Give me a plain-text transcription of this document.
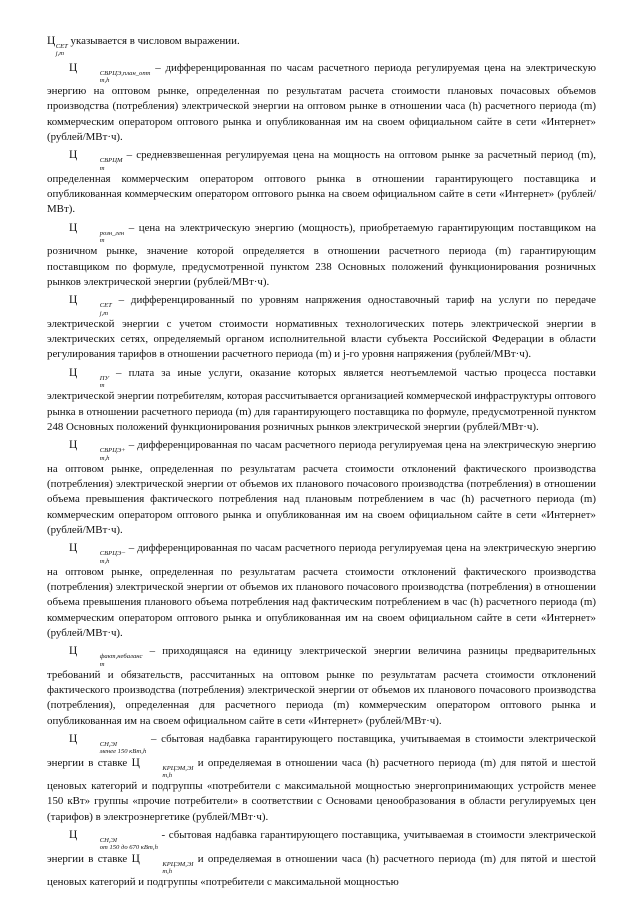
Ц СЕТ
j,m
указывается в числовом выражении.

Ц	СВРЦЭ,план_опт
m,h
– дифференцированная по часам расчетного периода регулируемая цена на электрическую энергию на оптовом рынке, определенная по результатам расчета стоимости плановых почасовых объемов производства (потребления) электрической энергии на оптовом рынке в отношении часа (h) расчетного периода (m) коммерческим оператором оптового рынка и опубликованная им на своем официальном сайте в сети «Интернет» (рублей/МВт·ч).

Ц	СВРЦМ
m
– средневзвешенная регулируемая цена на мощность на оптовом рынке за расчетный период (m), определенная коммерческим оператором оптового рынка в отношении гарантирующего поставщика и опубликованная коммерческим оператором оптового рынка на своем официальном сайте в сети «Интернет» (рублей/МВт).

Ц	розн_ген
m
– цена на электрическую энергию (мощность), приобретаемую гарантирующим поставщиком на розничном рынке, значение которой определяется в отношении расчетного периода (m) гарантирующим поставщиком по формуле, предусмотренной пунктом 238 Основных положений функционирования розничных рынков электрической энергии (рублей/МВт·ч).

Ц	СЕТ
j,m
– дифференцированный по уровням напряжения одноставочный тариф на услуги по передаче электрической энергии с учетом стоимости нормативных технологических потерь электрической энергии в электрических сетях, определяемый органом исполнительной власти субъекта Российской Федерации в области регулирования тарифов в отношении расчетного периода (m) и j-го уровня напряжения (рублей/МВт·ч).

Ц	ПУ
m
– плата за иные услуги, оказание которых является неотъемлемой частью процесса поставки электрической энергии потребителям, которая рассчитывается организацией коммерческой инфраструктуры оптового рынка в отношении расчетного периода (m) для гарантирующего поставщика по формуле, предусмотренной пунктом 248 Основных положений функционирования розничных рынков электрической энергии (рублей/МВт·ч).

Ц	СВРЦЭ+
m,h
– дифференцированная по часам расчетного периода регулируемая цена на электрическую энергию на оптовом рынке, определенная по результатам расчета стоимости отклонений фактического производства (потребления) электрической энергии от объемов их планового почасового производства (потребления) в отношении объема превышения фактического потребления над плановым потреблением в час (h) расчетного периода (m) коммерческим оператором оптового рынка и опубликованная им на своем официальном сайте в сети «Интернет» (рублей/МВт·ч).

Ц	СВРЦЭ−
m,h
– дифференцированная по часам расчетного периода регулируемая цена на электрическую энергию на оптовом рынке, определенная по результатам расчета стоимости отклонений фактического производства (потребления) электрической энергии от объемов их планового почасового производства (потребления) в отношении объема превышения планового объема потребления над фактическим потреблением в час (h) расчетного периода (m) коммерческим оператором оптового рынка и опубликованная им на своем официальном сайте в сети «Интернет» (рублей/МВт·ч).

Ц	факт,небаланс
m
– приходящаяся на единицу электрической энергии величина разницы предварительных требований и обязательств, рассчитанных на оптовом рынке по результатам расчета стоимости отклонений фактического производства (потребления) электрической энергии от объемов их планового почасового производства (потребления), определенная для расчетного периода (m) коммерческим оператором оптового рынка и опубликованная им на своем официальном сайте в сети «Интернет» (рублей/МВт·ч).

Ц	СН,ЭI
менее 150 кВт,h
– сбытовая надбавка гарантирующего поставщика, учитываемая в стоимости электрической энергии в ставке Ц	КРЦЭМ,ЭI
m,h
и определяемая в отношении часа (h) расчетного периода (m) для пятой и шестой ценовых категорий и подгруппы «потребители с максимальной мощностью энергопринимающих устройств менее 150 кВт» группы «прочие потребители» в соответствии с Основами ценообразования в области регулируемых цен (тарифов) в электроэнергетике (рублей/МВт·ч).

Ц	СН,ЭI
от 150 до 670 кВт,h
- сбытовая надбавка гарантирующего поставщика, учитываемая в стоимости электрической энергии в ставке Ц	КРЦЭМ,ЭI
m,h
и определяемая в отношении часа (h) расчетного периода (m) для пятой и шестой ценовых категорий и подгруппы «потребители с максимальной мощностью
